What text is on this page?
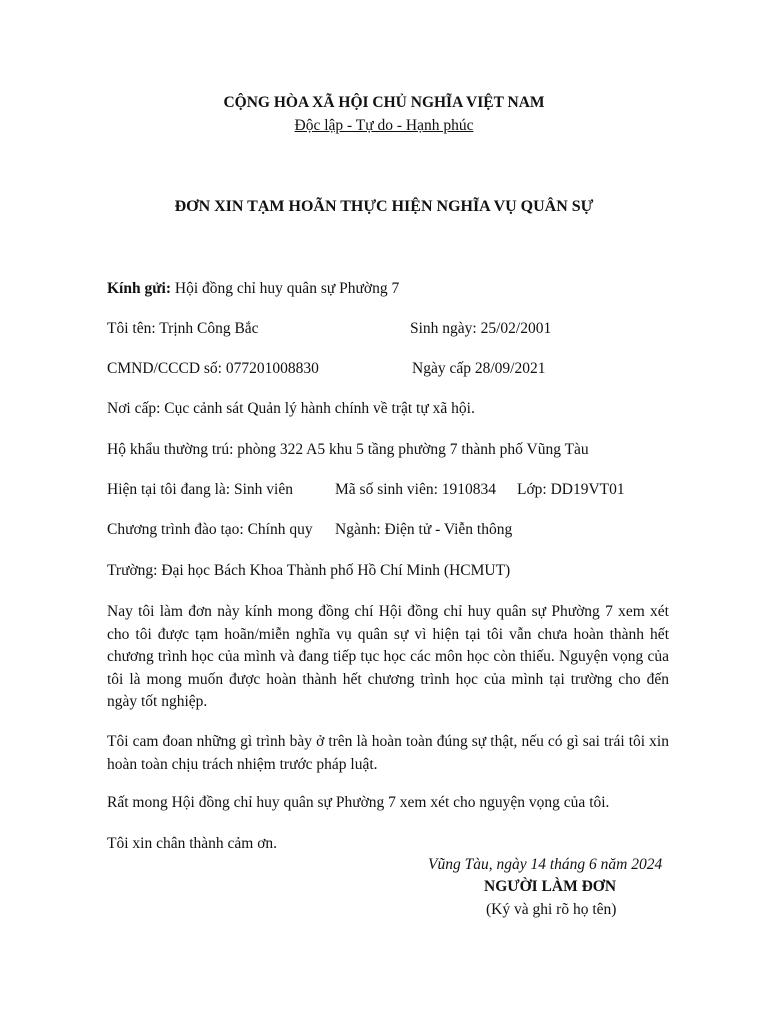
CỘNG HÒA XÃ HỘI CHỦ NGHĨA VIỆT NAM
Độc lập - Tự do - Hạnh phúc
ĐƠN XIN TẠM HOÃN THỰC HIỆN NGHĨA VỤ QUÂN SỰ
Kính gửi: Hội đồng chỉ huy quân sự Phường 7
Tôi tên: Trịnh Công Bắc	Sinh ngày: 25/02/2001
CMND/CCCD số: 077201008830	Ngày cấp 28/09/2021
Nơi cấp: Cục cảnh sát Quản lý hành chính về trật tự xã hội.
Hộ khẩu thường trú: phòng 322 A5 khu 5 tầng phường 7 thành phố Vũng Tàu
Hiện tại tôi đang là: Sinh viên	Mã số sinh viên: 1910834 Lớp: DD19VT01
Chương trình đào tạo: Chính quy Ngành: Điện tử - Viễn thông
Trường: Đại học Bách Khoa Thành phố Hồ Chí Minh (HCMUT)
Nay tôi làm đơn này kính mong đồng chí Hội đồng chỉ huy quân sự Phường 7 xem xét cho tôi được tạm hoãn/miễn nghĩa vụ quân sự vì hiện tại tôi vẫn chưa hoàn thành hết chương trình học của mình và đang tiếp tục học các môn học còn thiếu. Nguyện vọng của tôi là mong muốn được hoàn thành hết chương trình học của mình tại trường cho đến ngày tốt nghiệp.
Tôi cam đoan những gì trình bày ở trên là hoàn toàn đúng sự thật, nếu có gì sai trái tôi xin hoàn toàn chịu trách nhiệm trước pháp luật.
Rất mong Hội đồng chỉ huy quân sự Phường 7 xem xét cho nguyện vọng của tôi.
Tôi xin chân thành cảm ơn.
Vũng Tàu, ngày 14 tháng 6 năm 2024
NGƯỜI LÀM ĐƠN
(Ký và ghi rõ họ tên)
